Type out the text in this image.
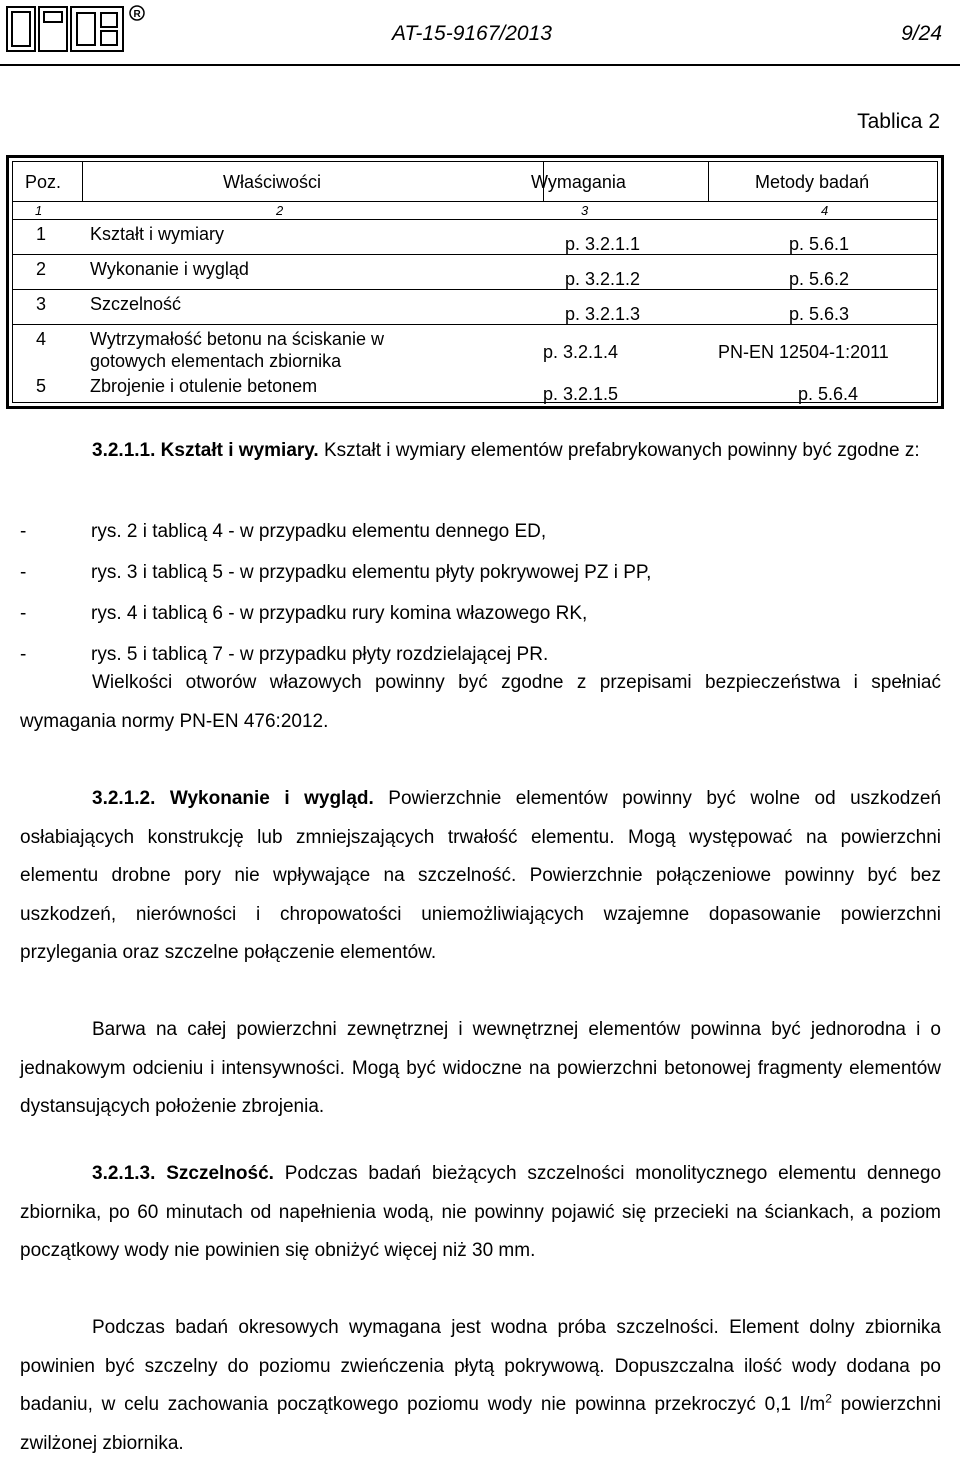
R
AT-15-9167/2013	9/24
Tablica 2
Poz.	Właściwości	Wymagania	Metody badań
1	2	3	4
1 Kształt i wymiary	p. 3.2.1.1	p. 5.6.1
2 Wykonanie i wygląd	p. 3.2.1.2	p. 5.6.2
3 Szczelność	p. 3.2.1.3	p. 5.6.3
4 Wytrzymałość betonu na ściskanie w
gotowych elementach zbiornika	p. 3.2.1.4	PN-EN 12504-1:2011
5 Zbrojenie i otulenie betonem	p. 3.2.1.5	p. 5.6.4

3.2.1.1. Kształt i wymiary. Kształt i wymiary elementów prefabrykowanych powinny być zgodne z:

-	rys. 2 i tablicą 4 - w przypadku elementu dennego ED,
-	rys. 3 i tablicą 5 - w przypadku elementu płyty pokrywowej PZ i PP,
-	rys. 4 i tablicą 6 - w przypadku rury komina włazowego RK,
-	rys. 5 i tablicą 7 - w przypadku płyty rozdzielającej PR.

Wielkości otworów włazowych powinny być zgodne z przepisami bezpieczeństwa i spełniać wymagania normy PN-EN 476:2012.

3.2.1.2. Wykonanie i wygląd. Powierzchnie elementów powinny być wolne od uszkodzeń osłabiających konstrukcję lub zmniejszających trwałość elementu. Mogą występować na powierzchni elementu drobne pory nie wpływające na szczelność. Powierzchnie połączeniowe powinny być bez uszkodzeń, nierówności i chropowatości uniemożliwiających wzajemne dopasowanie powierzchni przylegania oraz szczelne połączenie elementów.

Barwa na całej powierzchni zewnętrznej i wewnętrznej elementów powinna być jednorodna i o jednakowym odcieniu i intensywności. Mogą być widoczne na powierzchni betonowej fragmenty elementów dystansujących położenie zbrojenia.

3.2.1.3. Szczelność. Podczas badań bieżących szczelności monolitycznego elementu dennego zbiornika, po 60 minutach od napełnienia wodą, nie powinny pojawić się przecieki na ściankach, a poziom początkowy wody nie powinien się obniżyć więcej niż 30 mm.

Podczas badań okresowych wymagana jest wodna próba szczelności. Element dolny zbiornika powinien być szczelny do poziomu zwieńczenia płytą pokrywową. Dopuszczalna ilość wody dodana po badaniu, w celu zachowania początkowego poziomu wody nie powinna przekroczyć 0,1 $l/m^2$ powierzchni zwilżonej zbiornika.
